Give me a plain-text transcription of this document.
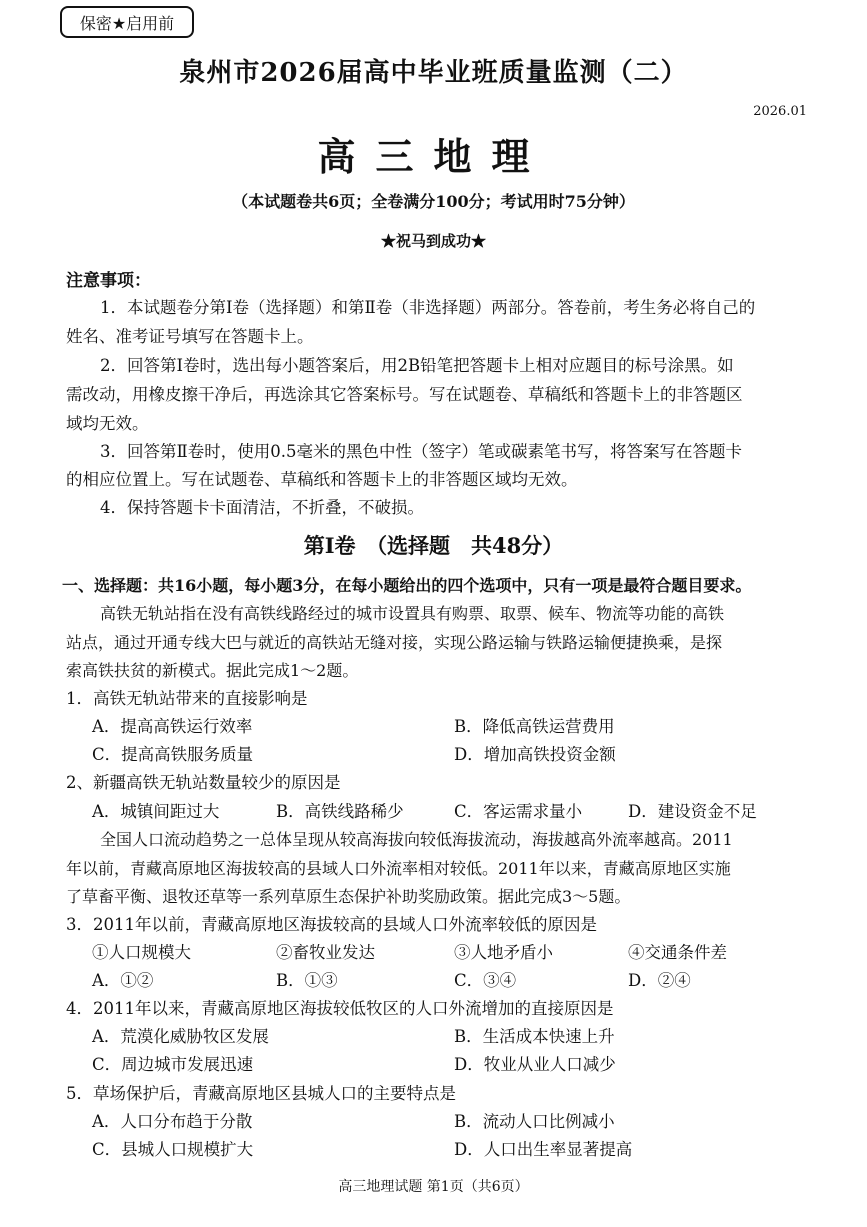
保密★启用前
泉州市2026届高中毕业班质量监测（二）
2026.01
高三地理
（本试题卷共6页；全卷满分100分；考试用时75分钟）
★祝马到成功★
注意事项：
1．本试题卷分第Ⅰ卷（选择题）和第Ⅱ卷（非选择题）两部分。答卷前，考生务必将自己的
姓名、准考证号填写在答题卡上。
2．回答第Ⅰ卷时，选出每小题答案后，用2B铅笔把答题卡上相对应题目的标号涂黑。如
需改动，用橡皮擦干净后，再选涂其它答案标号。写在试题卷、草稿纸和答题卡上的非答题区
域均无效。
3．回答第Ⅱ卷时，使用0.5毫米的黑色中性（签字）笔或碳素笔书写，将答案写在答题卡
的相应位置上。写在试题卷、草稿纸和答题卡上的非答题区域均无效。
4．保持答题卡卡面清洁，不折叠，不破损。
第Ⅰ卷　（选择题　共48分）
一、选择题：共16小题，每小题3分，在每小题给出的四个选项中，只有一项是最符合题目要求。
高铁无轨站指在没有高铁线路经过的城市设置具有购票、取票、候车、物流等功能的高铁
站点，通过开通专线大巴与就近的高铁站无缝对接，实现公路运输与铁路运输便捷换乘，是探
索高铁扶贫的新模式。据此完成1～2题。
1．高铁无轨站带来的直接影响是
A．提高高铁运行效率	B．降低高铁运营费用
C．提高高铁服务质量	D．增加高铁投资金额
2、新疆高铁无轨站数量较少的原因是
A．城镇间距过大	B．高铁线路稀少	C．客运需求量小	D．建设资金不足
全国人口流动趋势之一总体呈现从较高海拔向较低海拔流动，海拔越高外流率越高。2011
年以前，青藏高原地区海拔较高的县域人口外流率相对较低。2011年以来，青藏高原地区实施
了草畜平衡、退牧还草等一系列草原生态保护补助奖励政策。据此完成3～5题。
3．2011年以前，青藏高原地区海拔较高的县域人口外流率较低的原因是
①人口规模大	②畜牧业发达	③人地矛盾小	④交通条件差
A．①②	B．①③	C．③④	D．②④
4．2011年以来，青藏高原地区海拔较低牧区的人口外流增加的直接原因是
A．荒漠化威胁牧区发展	B．生活成本快速上升
C．周边城市发展迅速	D．牧业从业人口减少
5．草场保护后，青藏高原地区县城人口的主要特点是
A．人口分布趋于分散	B．流动人口比例减小
C．县城人口规模扩大	D．人口出生率显著提高
高三地理试题 第1页（共6页）
